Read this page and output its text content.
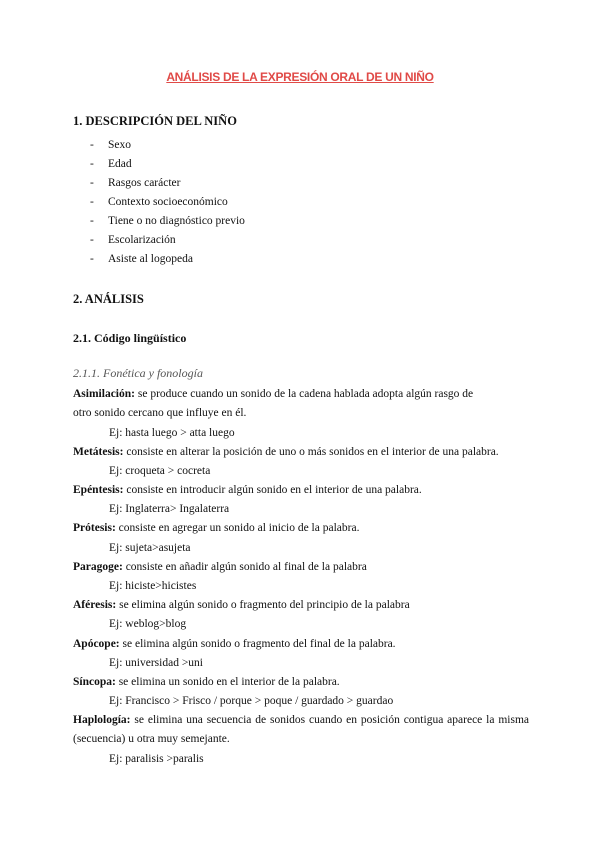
ANÁLISIS DE LA EXPRESIÓN ORAL DE UN NIÑO
1. DESCRIPCIÓN DEL NIÑO
- Sexo
- Edad
- Rasgos carácter
- Contexto socioeconómico
- Tiene o no diagnóstico previo
- Escolarización
- Asiste al logopeda
2. ANÁLISIS
2.1. Código lingüístico
2.1.1. Fonética y fonología
Asimilación: se produce cuando un sonido de la cadena hablada adopta algún rasgo de
otro sonido cercano que influye en él.
Ej: hasta luego > atta luego
Metátesis: consiste en alterar la posición de uno o más sonidos en el interior de una palabra.
Ej: croqueta > cocreta
Epéntesis: consiste en introducir algún sonido en el interior de una palabra.
Ej: Inglaterra> Ingalaterra
Prótesis: consiste en agregar un sonido al inicio de la palabra.
Ej: sujeta>asujeta
Paragoge: consiste en añadir algún sonido al final de la palabra
Ej: hiciste>hicistes
Aféresis: se elimina algún sonido o fragmento del principio de la palabra
Ej: weblog>blog
Apócope: se elimina algún sonido o fragmento del final de la palabra.
Ej: universidad >uni
Síncopa: se elimina un sonido en el interior de la palabra.
Ej: Francisco > Frisco / porque > poque / guardado > guardao
Haplología: se elimina una secuencia de sonidos cuando en posición contigua aparece la misma
(secuencia) u otra muy semejante.
Ej: paralisis >paralis
